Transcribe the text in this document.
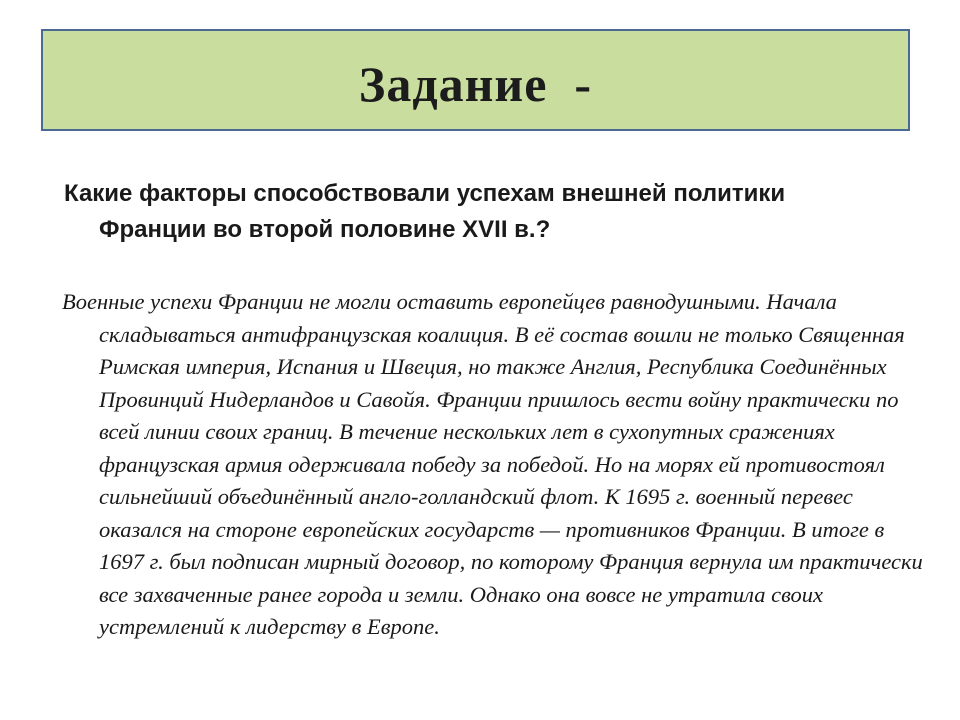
Задание  -

Какие факторы способствовали успехам внешней политики Франции во второй половине XVII в.?

Военные успехи Франции не могли оставить европейцев равнодушными. Начала складываться антифранцузская коалиция. В её состав вошли не только Священная Римская империя, Испания и Швеция, но также Англия, Республика Соединённых Провинций Нидерландов и Савойя. Франции пришлось вести войну практически по всей линии своих границ. В течение нескольких лет в сухопутных сражениях французская армия одерживала победу за победой. Но на морях ей противостоял сильнейший объединённый англо-голландский флот. К 1695 г. военный перевес оказался на стороне европейских государств — противников Франции. В итоге в 1697 г. был подписан мирный договор, по которому Франция вернула им практически все захваченные ранее города и земли. Однако она вовсе не утратила своих устремлений к лидерству в Европе.
